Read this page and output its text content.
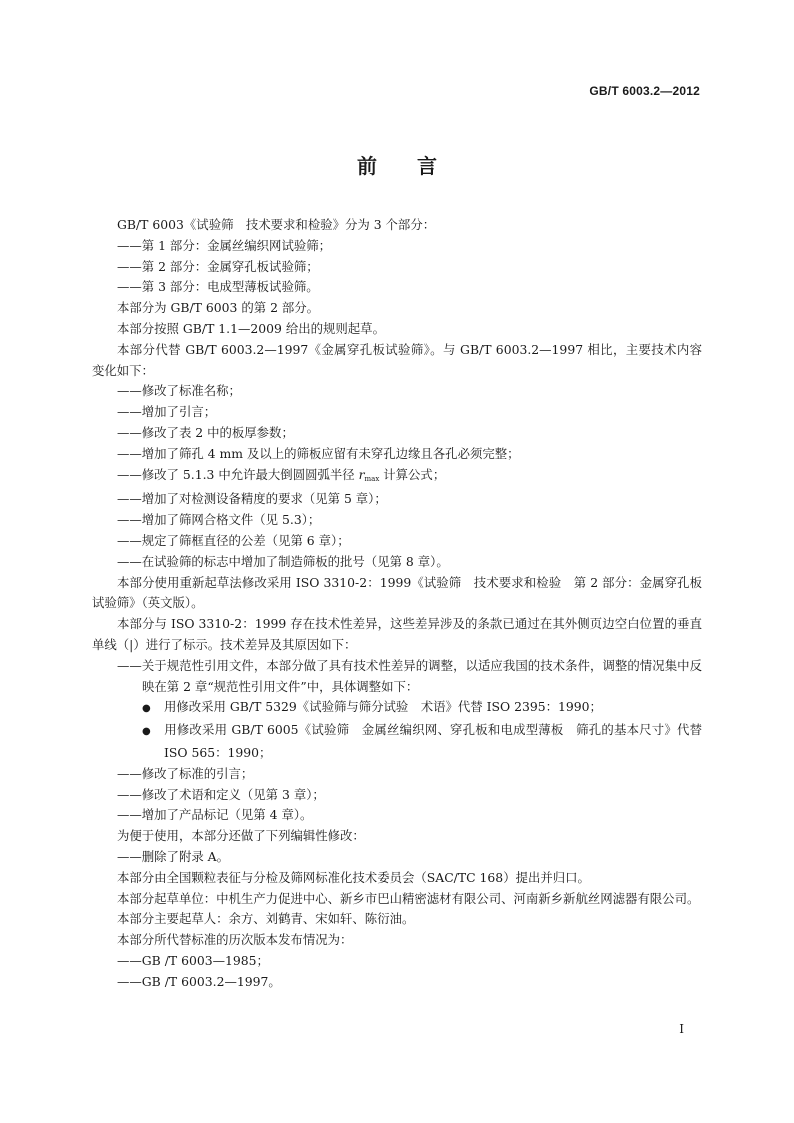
GB/T 6003.2—2012
前言

GB/T 6003《试验筛　技术要求和检验》分为 3 个部分：

——第 1 部分：金属丝编织网试验筛；

——第 2 部分：金属穿孔板试验筛；

——第 3 部分：电成型薄板试验筛。

本部分为 GB/T 6003 的第 2 部分。

本部分按照 GB/T 1.1—2009 给出的规则起草。

本部分代替 GB/T 6003.2—1997《金属穿孔板试验筛》。与 GB/T 6003.2—1997 相比，主要技术内容变化如下：

——修改了标准名称；

——增加了引言；

——修改了表 2 中的板厚参数；

——增加了筛孔 4 mm 及以上的筛板应留有未穿孔边缘且各孔必须完整；

——修改了 5.1.3 中允许最大倒圆圆弧半径 $r_{max}$ 计算公式；

——增加了对检测设备精度的要求（见第 5 章）；

——增加了筛网合格文件（见 5.3）；

——规定了筛框直径的公差（见第 6 章）；

——在试验筛的标志中增加了制造筛板的批号（见第 8 章）。

本部分使用重新起草法修改采用 ISO 3310-2：1999《试验筛　技术要求和检验　第 2 部分：金属穿孔板试验筛》（英文版）。

本部分与 ISO 3310-2：1999 存在技术性差异，这些差异涉及的条款已通过在其外侧页边空白位置的垂直单线（|）进行了标示。技术差异及其原因如下：

——关于规范性引用文件，本部分做了具有技术性差异的调整，以适应我国的技术条件，调整的情况集中反映在第 2 章“规范性引用文件”中，具体调整如下：

● 用修改采用 GB/T 5329《试验筛与筛分试验　术语》代替 ISO 2395：1990；

● 用修改采用 GB/T 6005《试验筛　金属丝编织网、穿孔板和电成型薄板　筛孔的基本尺寸》代替 ISO 565：1990；

——修改了标准的引言；

——修改了术语和定义（见第 3 章）；

——增加了产品标记（见第 4 章）。

为便于使用，本部分还做了下列编辑性修改：

——删除了附录 A。

本部分由全国颗粒表征与分检及筛网标准化技术委员会（SAC/TC 168）提出并归口。

本部分起草单位：中机生产力促进中心、新乡市巴山精密滤材有限公司、河南新乡新航丝网滤器有限公司。

本部分主要起草人：余方、刘鹤青、宋如轩、陈衍油。

本部分所代替标准的历次版本发布情况为：

——GB /T 6003—1985；

——GB /T 6003.2—1997。

I
